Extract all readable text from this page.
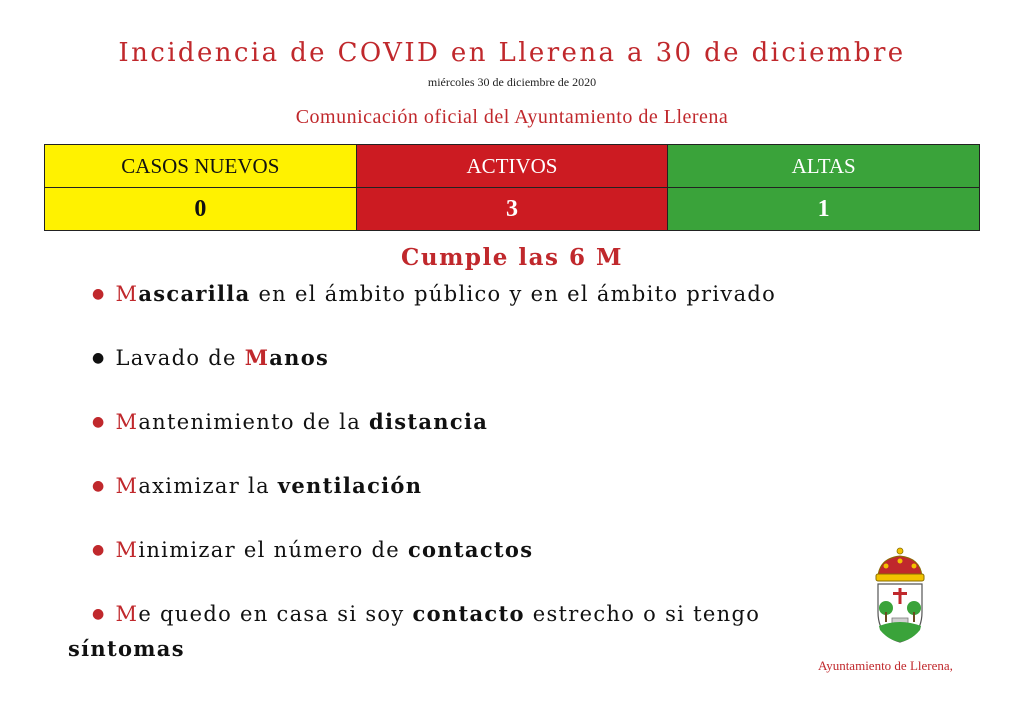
Incidencia de COVID en Llerena a 30 de diciembre
miércoles 30 de diciembre de 2020
Comunicación oficial del Ayuntamiento de Llerena
CASOS NUEVOS	ACTIVOS	ALTAS
0	3	1
Cumple las 6 M
● Mascarilla en el ámbito público y en el ámbito privado
● Lavado de Manos
● Mantenimiento de la distancia
● Maximizar la ventilación
● Minimizar el número de contactos
● Me quedo en casa si soy contacto estrecho o si tengo
síntomas
Ayuntamiento de Llerena,
